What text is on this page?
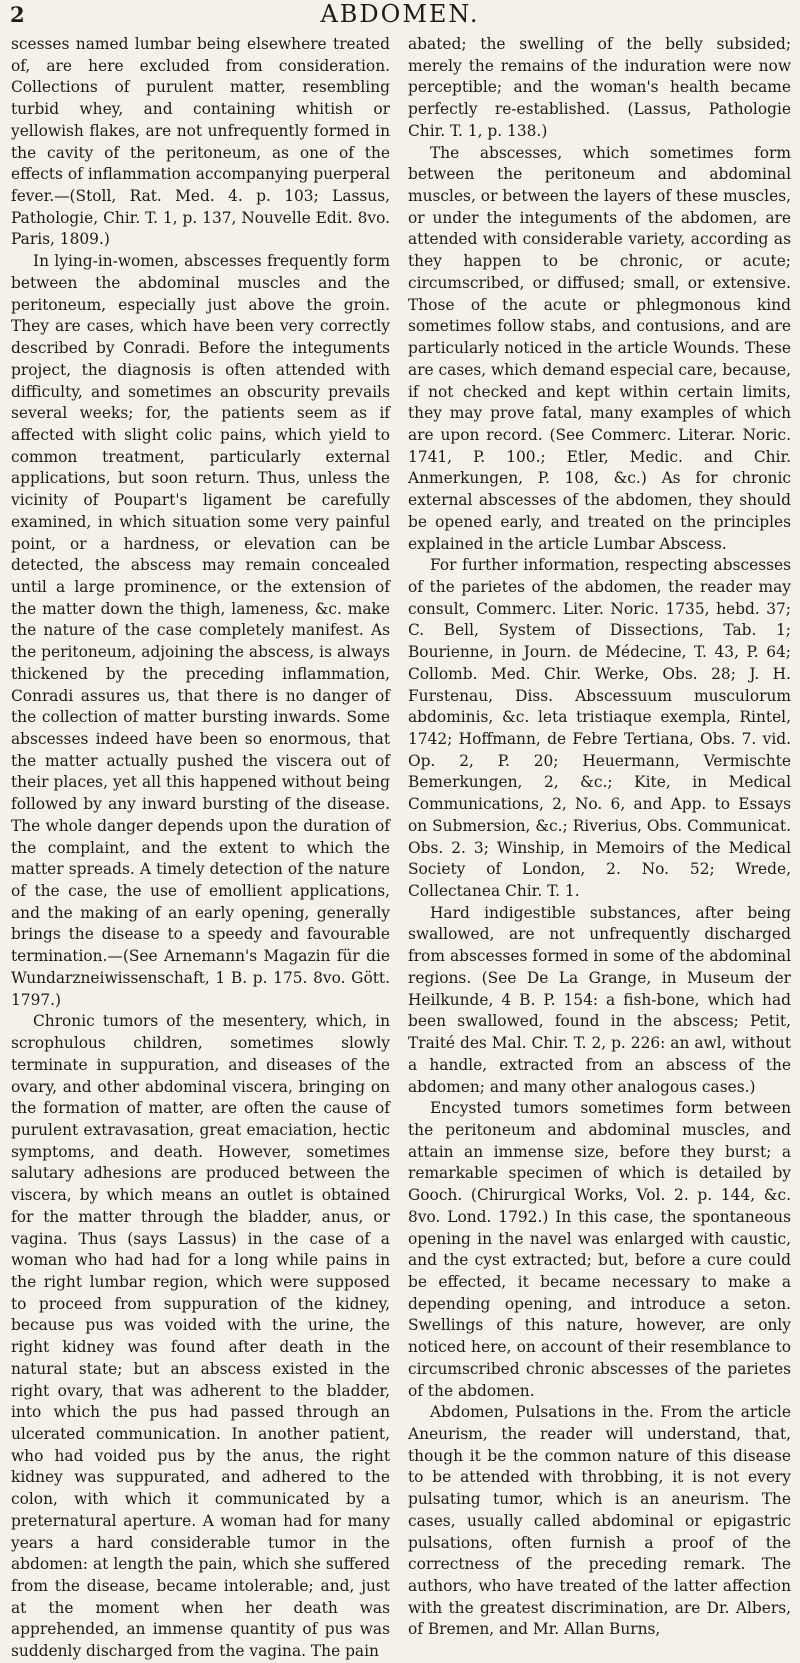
2	ABDOMEN.

scesses named lumbar being elsewhere treated of, are here excluded from consideration. Collections of purulent matter, resembling turbid whey, and containing whitish or yellowish flakes, are not unfrequently formed in the cavity of the peritoneum, as one of the effects of inflammation accompanying puerperal fever.—(Stoll, Rat. Med. 4. p. 103; Lassus, Pathologie, Chir. T. 1, p. 137, Nouvelle Edit. 8vo. Paris, 1809.)

In lying-in-women, abscesses frequently form between the abdominal muscles and the peritoneum, especially just above the groin. They are cases, which have been very correctly described by Conradi. Before the integuments project, the diagnosis is often attended with difficulty, and sometimes an obscurity prevails several weeks; for, the patients seem as if affected with slight colic pains, which yield to common treatment, particularly external applications, but soon return. Thus, unless the vicinity of Poupart's ligament be carefully examined, in which situation some very painful point, or a hardness, or elevation can be detected, the abscess may remain concealed until a large prominence, or the extension of the matter down the thigh, lameness, &c. make the nature of the case completely manifest. As the peritoneum, adjoining the abscess, is always thickened by the preceding inflammation, Conradi assures us, that there is no danger of the collection of matter bursting inwards. Some abscesses indeed have been so enormous, that the matter actually pushed the viscera out of their places, yet all this happened without being followed by any inward bursting of the disease. The whole danger depends upon the duration of the complaint, and the extent to which the matter spreads. A timely detection of the nature of the case, the use of emollient applications, and the making of an early opening, generally brings the disease to a speedy and favourable termination.—(See Arnemann's Magazin für die Wundarzneiwissenschaft, 1 B. p. 175. 8vo. Gött. 1797.)

Chronic tumors of the mesentery, which, in scrophulous children, sometimes slowly terminate in suppuration, and diseases of the ovary, and other abdominal viscera, bringing on the formation of matter, are often the cause of purulent extravasation, great emaciation, hectic symptoms, and death. However, sometimes salutary adhesions are produced between the viscera, by which means an outlet is obtained for the matter through the bladder, anus, or vagina. Thus (says Lassus) in the case of a woman who had had for a long while pains in the right lumbar region, which were supposed to proceed from suppuration of the kidney, because pus was voided with the urine, the right kidney was found after death in the natural state; but an abscess existed in the right ovary, that was adherent to the bladder, into which the pus had passed through an ulcerated communication. In another patient, who had voided pus by the anus, the right kidney was suppurated, and adhered to the colon, with which it communicated by a preternatural aperture. A woman had for many years a hard considerable tumor in the abdomen: at length the pain, which she suffered from the disease, became intolerable; and, just at the moment when her death was apprehended, an immense quantity of pus was suddenly discharged from the vagina. The pain

abated; the swelling of the belly subsided; merely the remains of the induration were now perceptible; and the woman's health became perfectly re-established. (Lassus, Pathologie Chir. T. 1, p. 138.)

The abscesses, which sometimes form between the peritoneum and abdominal muscles, or between the layers of these muscles, or under the integuments of the abdomen, are attended with considerable variety, according as they happen to be chronic, or acute; circumscribed, or diffused; small, or extensive. Those of the acute or phlegmonous kind sometimes follow stabs, and contusions, and are particularly noticed in the article Wounds. These are cases, which demand especial care, because, if not checked and kept within certain limits, they may prove fatal, many examples of which are upon record. (See Commerc. Literar. Noric. 1741, P. 100.; Etler, Medic. and Chir. Anmerkungen, P. 108, &c.) As for chronic external abscesses of the abdomen, they should be opened early, and treated on the principles explained in the article Lumbar Abscess.

For further information, respecting abscesses of the parietes of the abdomen, the reader may consult, Commerc. Liter. Noric. 1735, hebd. 37; C. Bell, System of Dissections, Tab. 1; Bourienne, in Journ. de Médecine, T. 43, P. 64; Collomb. Med. Chir. Werke, Obs. 28; J. H. Furstenau, Diss. Abscessuum musculorum abdominis, &c. leta tristiaque exempla, Rintel, 1742; Hoffmann, de Febre Tertiana, Obs. 7. vid. Op. 2, P. 20; Heuermann, Vermischte Bemerkungen, 2, &c.; Kite, in Medical Communications, 2, No. 6, and App. to Essays on Submersion, &c.; Riverius, Obs. Communicat. Obs. 2. 3; Winship, in Memoirs of the Medical Society of London, 2. No. 52; Wrede, Collectanea Chir. T. 1.

Hard indigestible substances, after being swallowed, are not unfrequently discharged from abscesses formed in some of the abdominal regions. (See De La Grange, in Museum der Heilkunde, 4 B. P. 154: a fish-bone, which had been swallowed, found in the abscess; Petit, Traité des Mal. Chir. T. 2, p. 226: an awl, without a handle, extracted from an abscess of the abdomen; and many other analogous cases.)

Encysted tumors sometimes form between the peritoneum and abdominal muscles, and attain an immense size, before they burst; a remarkable specimen of which is detailed by Gooch. (Chirurgical Works, Vol. 2. p. 144, &c. 8vo. Lond. 1792.) In this case, the spontaneous opening in the navel was enlarged with caustic, and the cyst extracted; but, before a cure could be effected, it became necessary to make a depending opening, and introduce a seton. Swellings of this nature, however, are only noticed here, on account of their resemblance to circumscribed chronic abscesses of the parietes of the abdomen.

Abdomen, Pulsations in the. From the article Aneurism, the reader will understand, that, though it be the common nature of this disease to be attended with throbbing, it is not every pulsating tumor, which is an aneurism. The cases, usually called abdominal or epigastric pulsations, often furnish a proof of the correctness of the preceding remark. The authors, who have treated of the latter affection with the greatest discrimination, are Dr. Albers, of Bremen, and Mr. Allan Burns,
